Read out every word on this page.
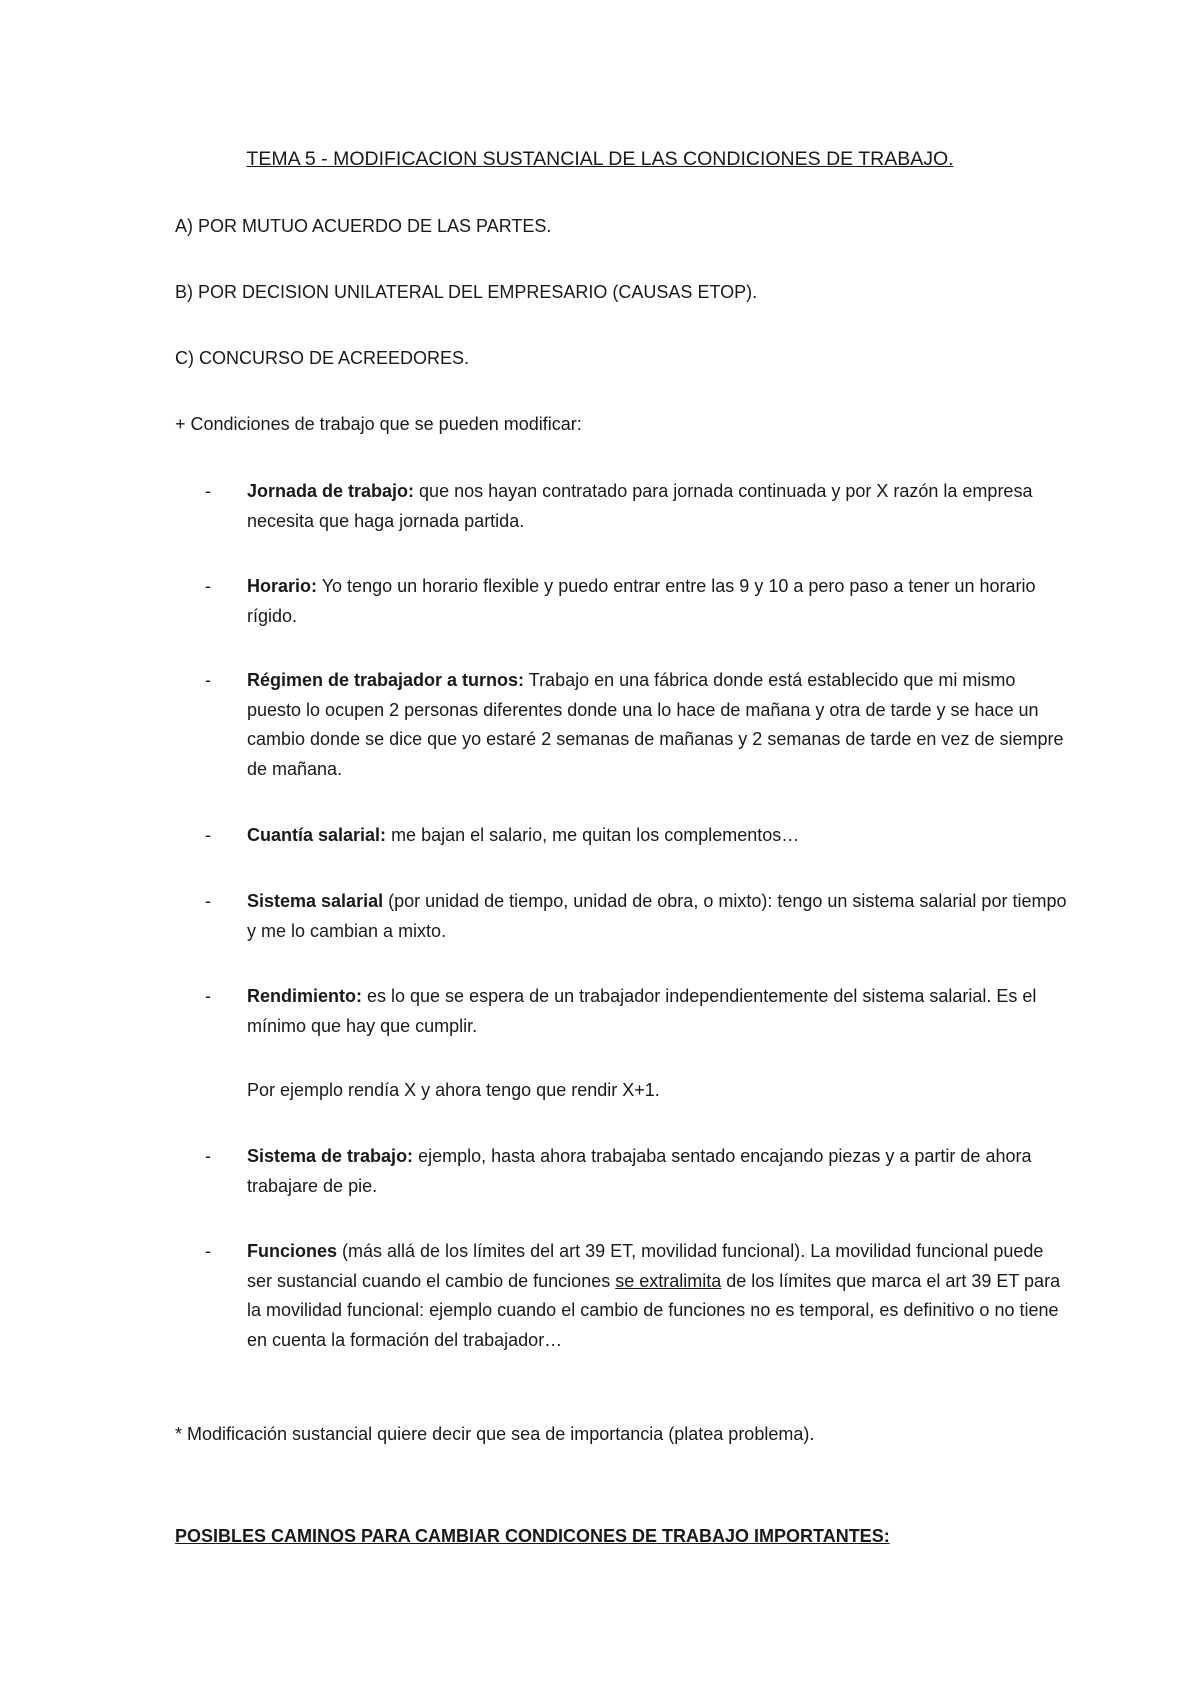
TEMA 5 - MODIFICACION SUSTANCIAL DE LAS CONDICIONES DE TRABAJO.

A) POR MUTUO ACUERDO DE LAS PARTES.

B) POR DECISION UNILATERAL DEL EMPRESARIO (CAUSAS ETOP).

C) CONCURSO DE ACREEDORES.

+ Condiciones de trabajo que se pueden modificar:

- Jornada de trabajo: que nos hayan contratado para jornada continuada y por X razón la empresa necesita que haga jornada partida.
- Horario: Yo tengo un horario flexible y puedo entrar entre las 9 y 10 a pero paso a tener un horario rígido.
- Régimen de trabajador a turnos: Trabajo en una fábrica donde está establecido que mi mismo puesto lo ocupen 2 personas diferentes donde una lo hace de mañana y otra de tarde y se hace un cambio donde se dice que yo estaré 2 semanas de mañanas y 2 semanas de tarde en vez de siempre de mañana.
- Cuantía salarial: me bajan el salario, me quitan los complementos…
- Sistema salarial (por unidad de tiempo, unidad de obra, o mixto): tengo un sistema salarial por tiempo y me lo cambian a mixto.
- Rendimiento: es lo que se espera de un trabajador independientemente del sistema salarial. Es el mínimo que hay que cumplir.

Por ejemplo rendía X y ahora tengo que rendir X+1.

- Sistema de trabajo: ejemplo, hasta ahora trabajaba sentado encajando piezas y a partir de ahora trabajare de pie.
- Funciones (más allá de los límites del art 39 ET, movilidad funcional). La movilidad funcional puede ser sustancial cuando el cambio de funciones se extralimita de los límites que marca el art 39 ET para la movilidad funcional: ejemplo cuando el cambio de funciones no es temporal, es definitivo o no tiene en cuenta la formación del trabajador…

* Modificación sustancial quiere decir que sea de importancia (platea problema).

POSIBLES CAMINOS PARA CAMBIAR CONDICONES DE TRABAJO IMPORTANTES:
